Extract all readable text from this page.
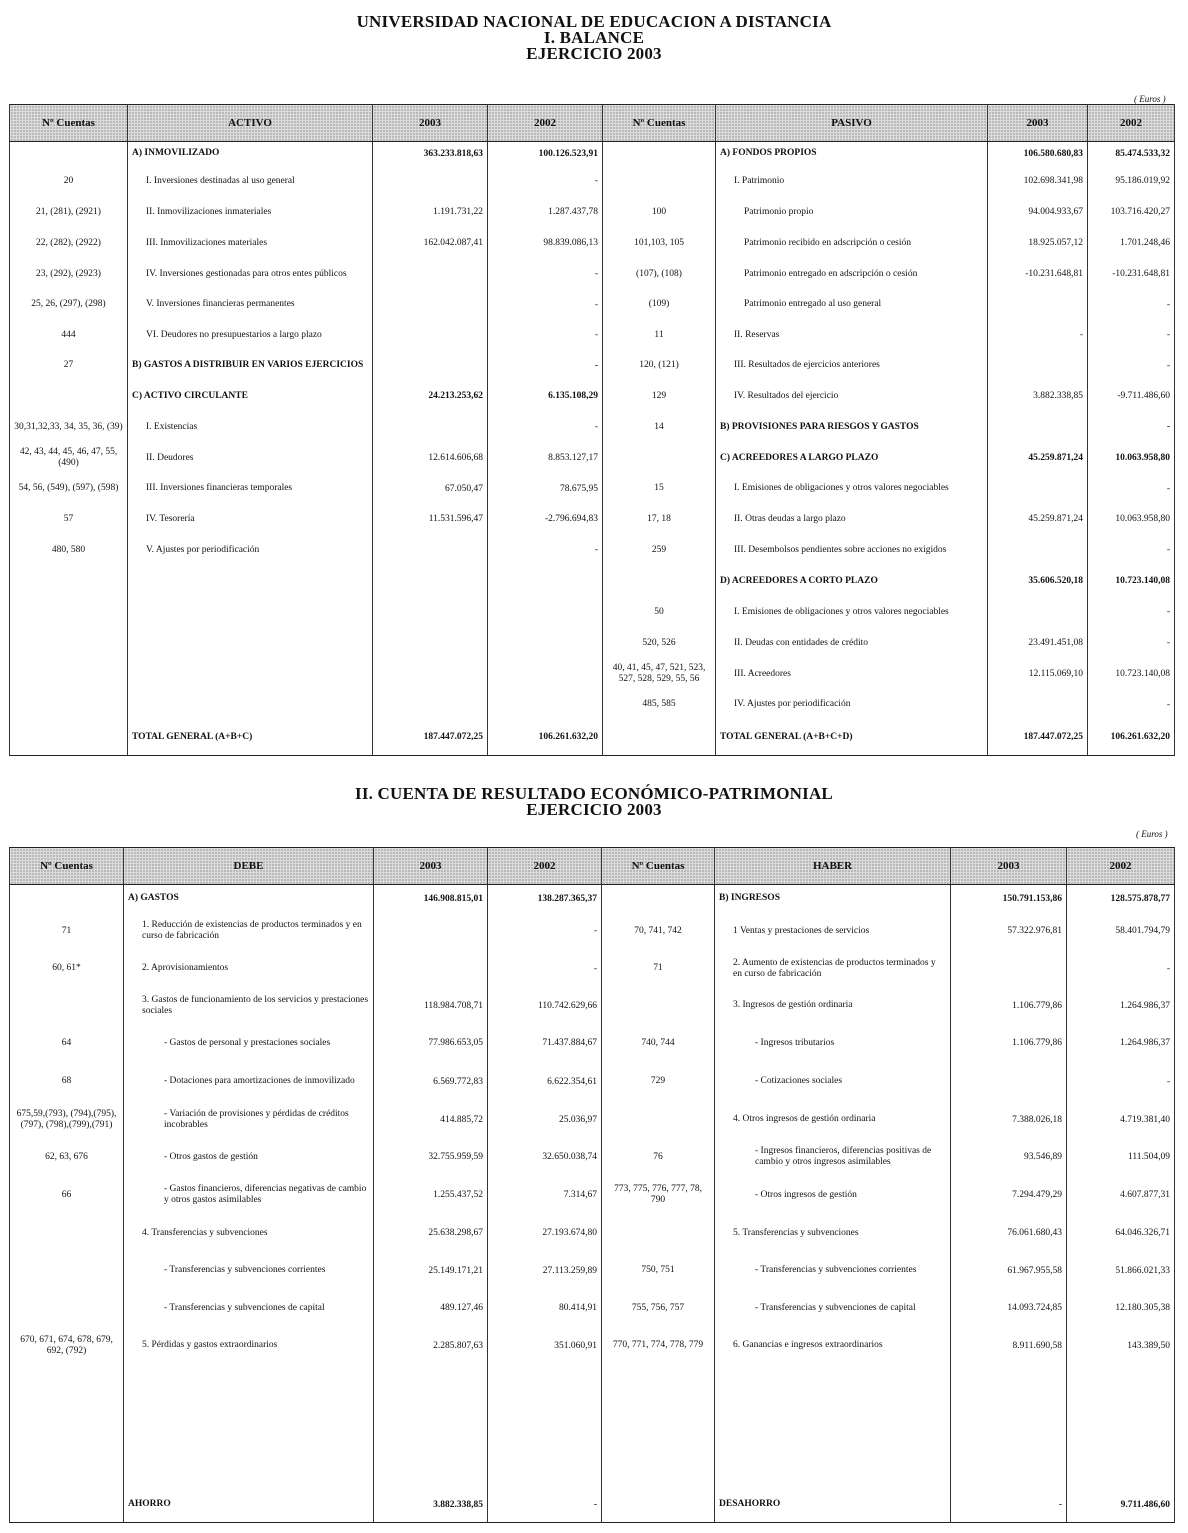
UNIVERSIDAD NACIONAL DE EDUCACION A DISTANCIA
I. BALANCE
EJERCICIO 2003
( Euros )
Nº Cuentas	ACTIVO	2003	2002	Nº Cuentas	PASIVO	2003	2002
	A) INMOVILIZADO	363.233.818,63	100.126.523,91		A) FONDOS PROPIOS	106.580.680,83	85.474.533,32
20	I. Inversiones destinadas al uso general		-		I. Patrimonio	102.698.341,98	95.186.019,92
21, (281), (2921)	II. Inmovilizaciones inmateriales	1.191.731,22	1.287.437,78	100	Patrimonio propio	94.004.933,67	103.716.420,27
22, (282), (2922)	III. Inmovilizaciones materiales	162.042.087,41	98.839.086,13	101,103, 105	Patrimonio recibido en adscripción o cesión	18.925.057,12	1.701.248,46
23, (292), (2923)	IV. Inversiones gestionadas para otros entes públicos		-	(107), (108)	Patrimonio entregado en adscripción o cesión	-10.231.648,81	-10.231.648,81
25, 26, (297), (298)	V. Inversiones financieras permanentes		-	(109)	Patrimonio entregado al uso general		-
444	VI. Deudores no presupuestarios a largo plazo		-	11	II. Reservas	-	-
27	B) GASTOS A DISTRIBUIR EN VARIOS EJERCICIOS		-	120, (121)	III. Resultados de ejercicios anteriores		-
	C) ACTIVO CIRCULANTE	24.213.253,62	6.135.108,29	129	IV. Resultados del ejercicio	3.882.338,85	-9.711.486,60
30,31,32,33, 34, 35, 36, (39)	I. Existencias		-	14	B) PROVISIONES PARA RIESGOS Y GASTOS		-
42, 43, 44, 45, 46, 47, 55, (490)	II. Deudores	12.614.606,68	8.853.127,17		C) ACREEDORES A LARGO PLAZO	45.259.871,24	10.063.958,80
54, 56, (549), (597), (598)	III. Inversiones financieras temporales	67.050,47	78.675,95	15	I. Emisiones de obligaciones y otros valores negociables		-
57	IV. Tesorería	11.531.596,47	-2.796.694,83	17, 18	II. Otras deudas a largo plazo	45.259.871,24	10.063.958,80
480, 580	V. Ajustes por periodificación		-	259	III. Desembolsos pendientes sobre acciones no exigidos		-
					D) ACREEDORES A CORTO PLAZO	35.606.520,18	10.723.140,08
				50	I. Emisiones de obligaciones y otros valores negociables		-
				520, 526	II. Deudas con entidades de crédito	23.491.451,08	-
				40, 41, 45, 47, 521, 523, 527, 528, 529, 55, 56	III. Acreedores	12.115.069,10	10.723.140,08
				485, 585	IV. Ajustes por periodificación		-
	TOTAL GENERAL (A+B+C)	187.447.072,25	106.261.632,20		TOTAL GENERAL (A+B+C+D)	187.447.072,25	106.261.632,20
II. CUENTA DE RESULTADO ECONÓMICO-PATRIMONIAL
EJERCICIO 2003
( Euros )
Nº Cuentas	DEBE	2003	2002	Nº Cuentas	HABER	2003	2002
	A) GASTOS	146.908.815,01	138.287.365,37		B) INGRESOS	150.791.153,86	128.575.878,77
71	1. Reducción de existencias de productos terminados y en curso de fabricación		-	70, 741, 742	1 Ventas y prestaciones de servicios	57.322.976,81	58.401.794,79
60, 61*	2. Aprovisionamientos		-	71	2. Aumento de existencias de productos terminados y en curso de fabricación		-
	3. Gastos de funcionamiento de los servicios y prestaciones sociales	118.984.708,71	110.742.629,66		3. Ingresos de gestión ordinaria	1.106.779,86	1.264.986,37
64	- Gastos de personal y prestaciones sociales	77.986.653,05	71.437.884,67	740, 744	- Ingresos tributarios	1.106.779,86	1.264.986,37
68	- Dotaciones para amortizaciones de inmovilizado	6.569.772,83	6.622.354,61	729	- Cotizaciones sociales		-
675,59,(793), (794),(795),(797), (798),(799),(791)	- Variación de provisiones y pérdidas de créditos incobrables	414.885,72	25.036,97		4. Otros ingresos de gestión ordinaria	7.388.026,18	4.719.381,40
62, 63, 676	- Otros gastos de gestión	32.755.959,59	32.650.038,74	76	- Ingresos financieros, diferencias positivas de cambio y otros ingresos asimilables	93.546,89	111.504,09
66	- Gastos financieros, diferencias negativas de cambio y otros gastos asimilables	1.255.437,52	7.314,67	773, 775, 776, 777, 78, 790	- Otros ingresos de gestión	7.294.479,29	4.607.877,31
	4. Transferencias y subvenciones	25.638.298,67	27.193.674,80		5. Transferencias y subvenciones	76.061.680,43	64.046.326,71
	- Transferencias y subvenciones corrientes	25.149.171,21	27.113.259,89	750, 751	- Transferencias y subvenciones corrientes	61.967.955,58	51.866.021,33
	- Transferencias y subvenciones de capital	489.127,46	80.414,91	755, 756, 757	- Transferencias y subvenciones de capital	14.093.724,85	12.180.305,38
670, 671, 674, 678, 679, 692, (792)	5. Pérdidas y gastos extraordinarios	2.285.807,63	351.060,91	770, 771, 774, 778, 779	6. Ganancias e ingresos extraordinarios	8.911.690,58	143.389,50
	AHORRO	3.882.338,85	-		DESAHORRO	-	9.711.486,60
